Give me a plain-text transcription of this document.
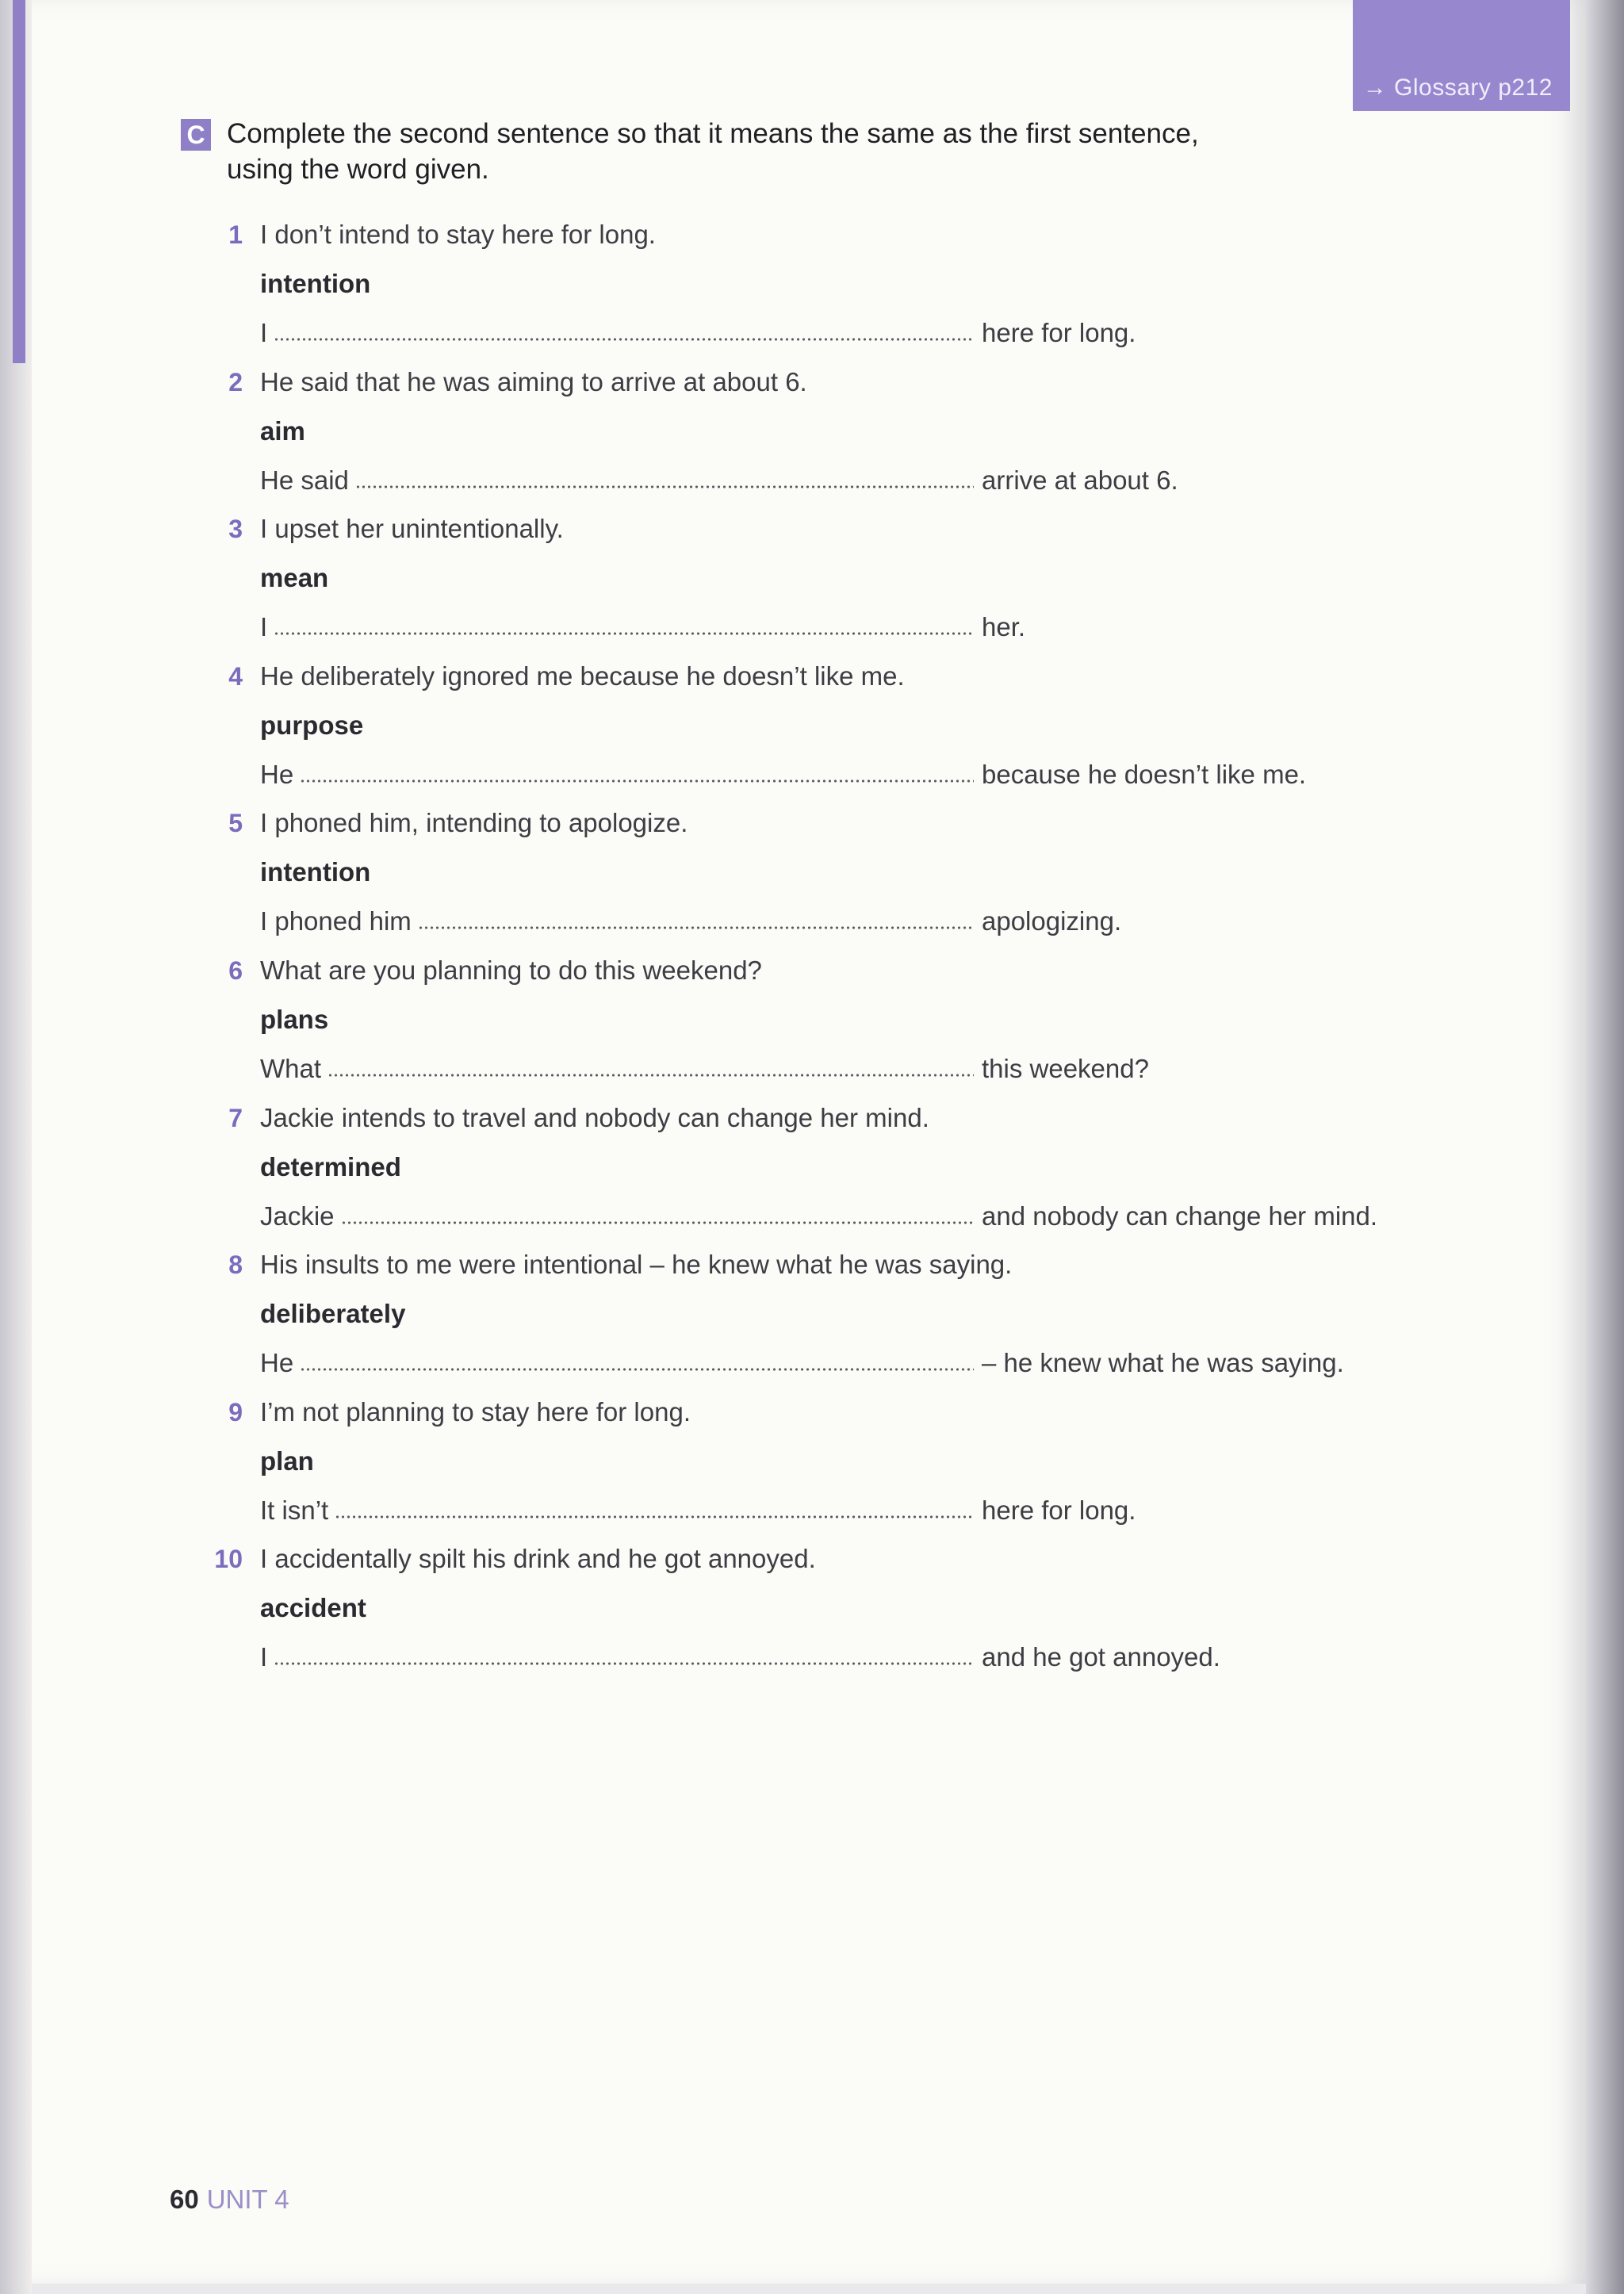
→ Glossary p212
C Complete the second sentence so that it means the same as the first sentence,
using the word given.
1 I don’t intend to stay here for long.
intention
I	here for long.
2 He said that he was aiming to arrive at about 6.
aim
He said	arrive at about 6.
3 I upset her unintentionally.
mean
I	her.
4 He deliberately ignored me because he doesn’t like me.
purpose
He	because he doesn’t like me.
5 I phoned him, intending to apologize.
intention
I phoned him	apologizing.
6 What are you planning to do this weekend?
plans
What	this weekend?
7 Jackie intends to travel and nobody can change her mind.
determined
Jackie	and nobody can change her mind.
8 His insults to me were intentional – he knew what he was saying.
deliberately
He	– he knew what he was saying.
9 I’m not planning to stay here for long.
plan
It isn’t	here for long.
10 I accidentally spilt his drink and he got annoyed.
accident
I	and he got annoyed.
60 UNIT 4
